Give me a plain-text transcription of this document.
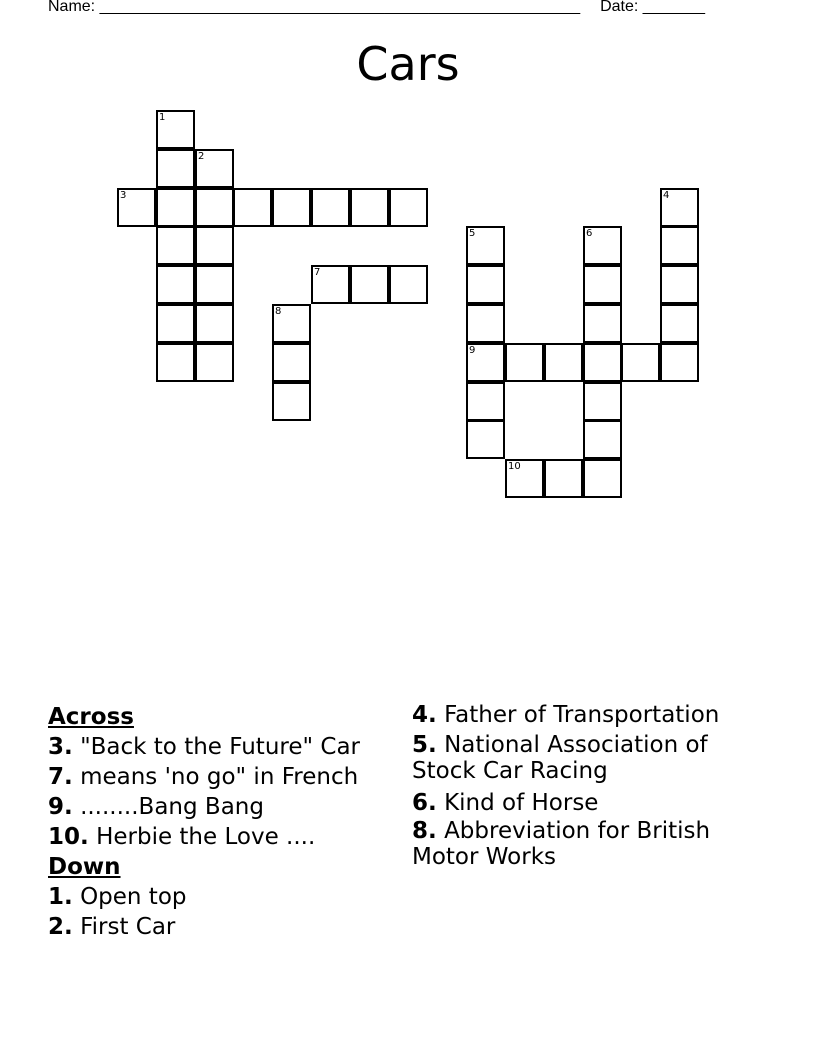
Name: ______________________________________________________ Date: _______
Cars
1
2
3
7
8
5
9
6
4
10
Across
3. "Back to the Future" Car
7. means 'no go" in French
9. ........Bang Bang
10. Herbie the Love ....
Down
1. Open top
2. First Car
4. Father of Transportation
5. National Association of Stock Car Racing
6. Kind of Horse
8. Abbreviation for British Motor Works
